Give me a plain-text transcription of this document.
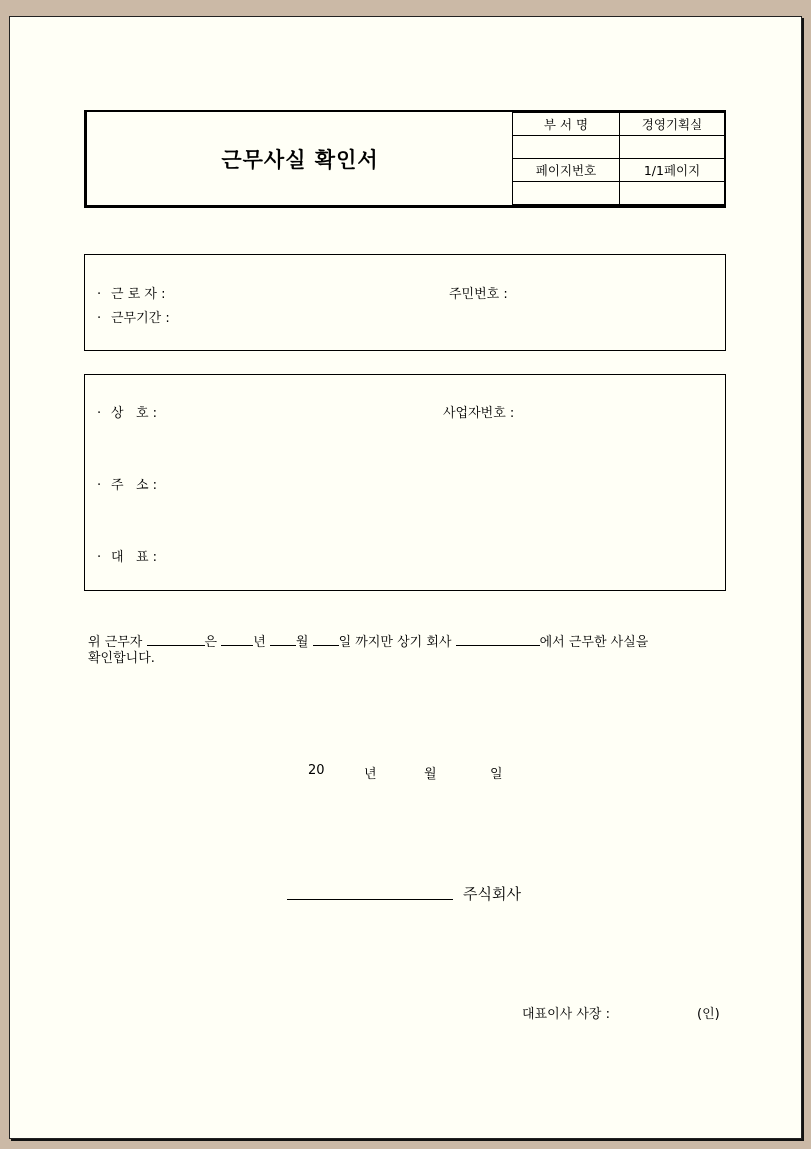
근무사실 확인서
부 서 명	경영기획실

페이지번호	1/1페이지

· 근 로 자 :	주민번호 :
· 근무기간 :
· 상   호 :	사업자번호 :
· 주   소 :
· 대   표 :
위 근무자	은 년 월 일 까지만 상기 회사	에서 근무한 사실을
확인합니다.
20	년	월	일
주식회사
대표이사 사장 :	(인)
